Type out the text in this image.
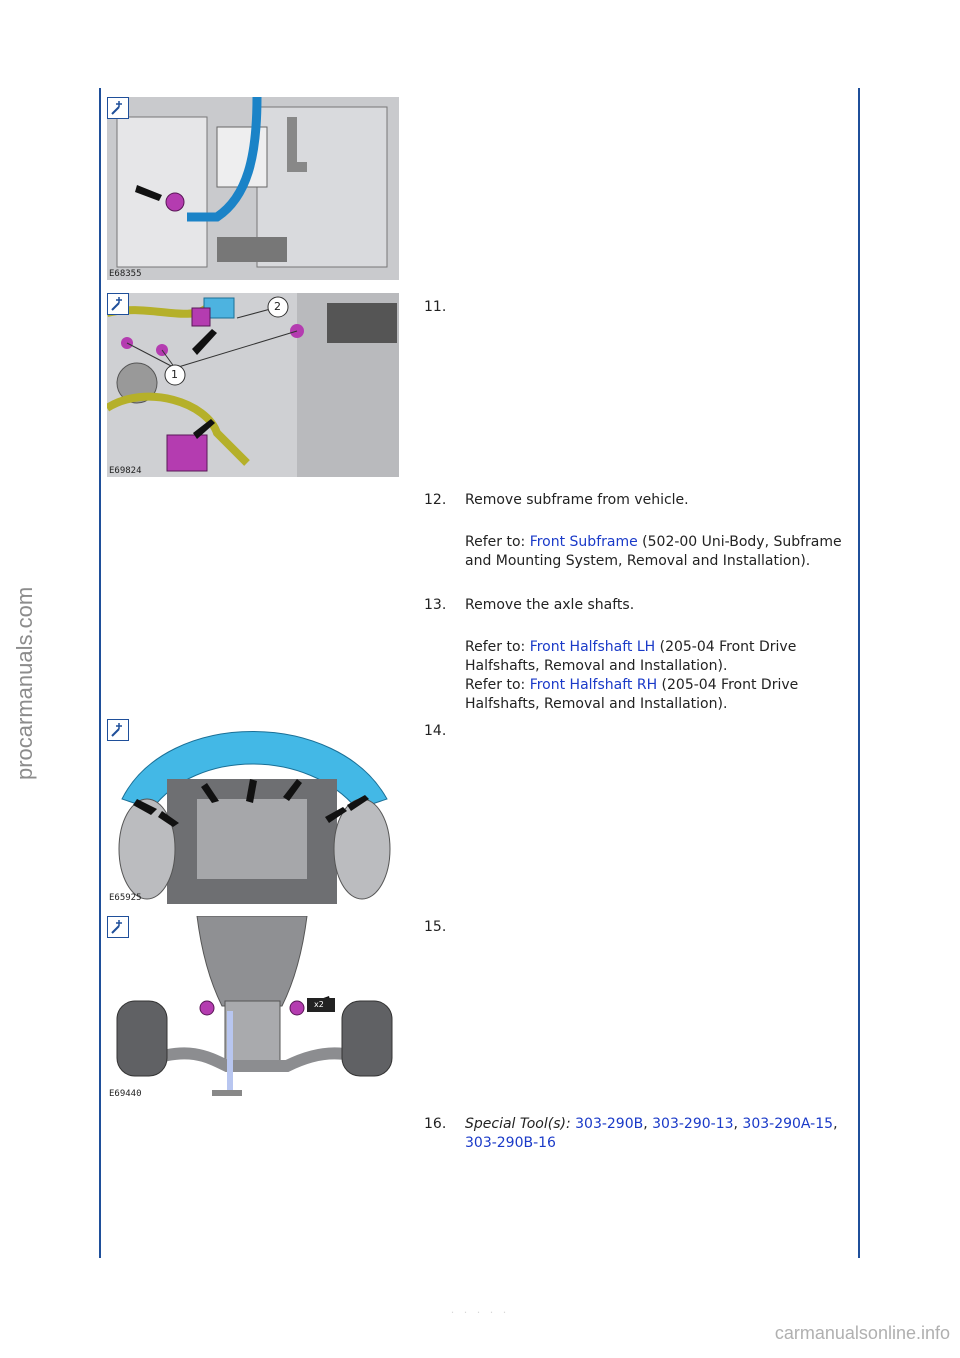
procarmanuals.com
carmanualsonline.info
· · · · ·
E68355
1
2
E69824
E65925
x2
E69440
11.
12. Remove subframe from vehicle.
Refer to: Front Subframe (502-00 Uni-Body, Subframe and Mounting System, Removal and Installation).
13. Remove the axle shafts.
Refer to: Front Halfshaft LH (205-04 Front Drive Halfshafts, Removal and Installation).
Refer to: Front Halfshaft RH (205-04 Front Drive Halfshafts, Removal and Installation).
14.
15.
16. Special Tool(s): 303-290B, 303-290-13, 303-290A-15, 303-290B-16
